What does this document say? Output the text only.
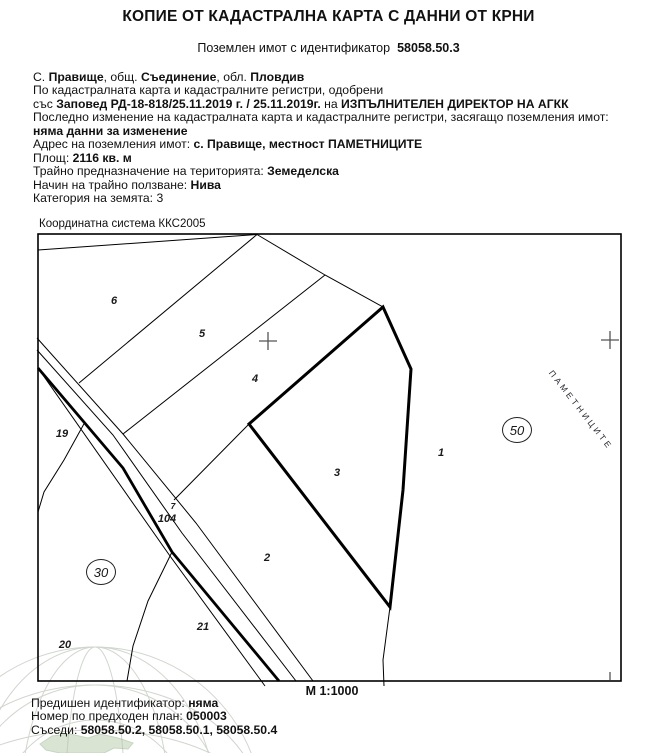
КОПИЕ ОТ КАДАСТРАЛНА КАРТА С ДАННИ ОТ КРНИ
Поземлен имот с идентификатор 58058.50.3
С. Правище, общ. Съединение, обл. Пловдив
По кадастралната карта и кадастралните регистри, одобрени
със Заповед РД-18-818/25.11.2019 г. / 25.11.2019г. на ИЗПЪЛНИТЕЛЕН ДИРЕКТОР НА АГКК
Последно изменение на кадастралната карта и кадастралните регистри, засягащо поземления имот:
няма данни за изменение
Адрес на поземления имот: с. Правище, местност ПАМЕТНИЦИТЕ
Площ: 2116 кв. м
Трайно предназначение на територията: Земеделска
Начин на трайно ползване: Нива
Категория на земята: 3
Координатна система ККС2005
6
5
4
3
1
2
19
7
104
21
20
30
50	ПАМЕТНИЦИТЕ
М 1:1000
Предишен идентификатор: няма
Номер по предходен план: 050003
Съседи: 58058.50.2, 58058.50.1, 58058.50.4
